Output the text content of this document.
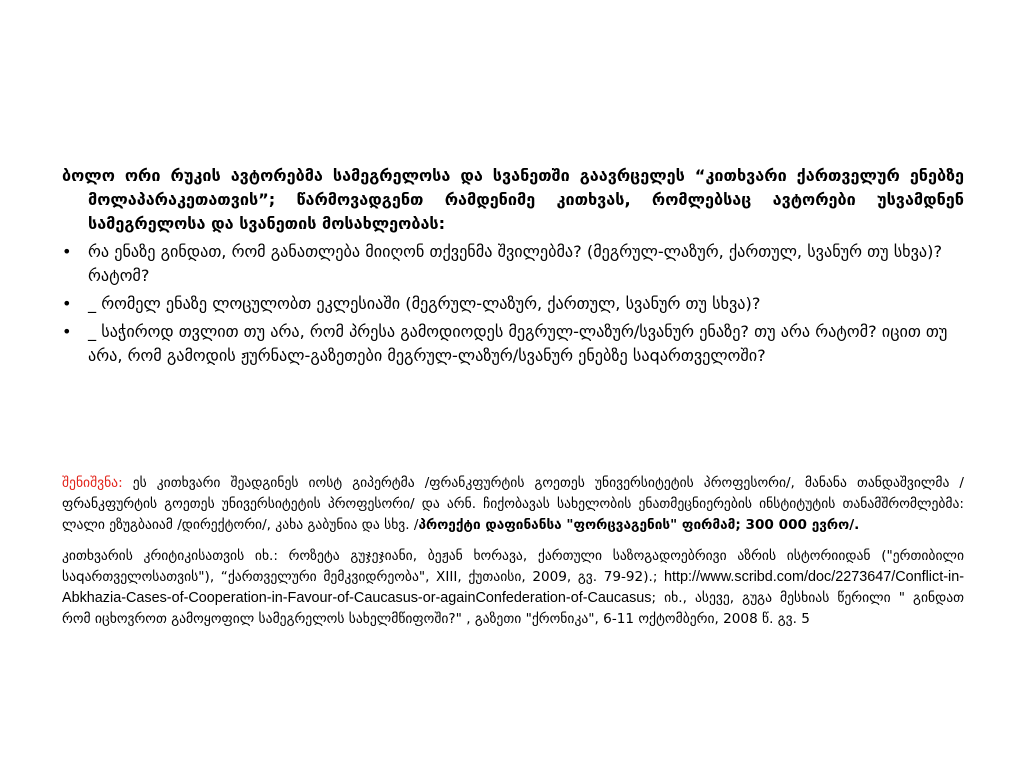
ბოლო ორი რუკის ავტორებმა სამეგრელოსა და სვანეთში გაავრცელეს “კითხვარი ქართველურ ენებზე მოლაპარაკეთათვის”; წარმოვადგენთ რამდენიმე კითხვას, რომლებსაც ავტორები უსვამდნენ სამეგრელოსა და სვანეთის მოსახლეობას:

• რა ენაზე გინდათ, რომ განათლება მიიღონ თქვენმა შვილებმა? (მეგრულ-ლაზურ, ქართულ, სვანურ თუ სხვა)? რატომ?
• _ რომელ ენაზე ლოცულობთ ეკლესიაში (მეგრულ-ლაზურ, ქართულ, სვანურ თუ სხვა)?
• _ საჭიროდ თვლით თუ არა, რომ პრესა გამოდიოდეს მეგრულ-ლაზურ/სვანურ ენაზე? თუ არა რატომ? იცით თუ არა, რომ გამოდის ჟურნალ-გაზეთები მეგრულ-ლაზურ/სვანურ ენებზე საqართველოში?

შენიშვნა: ეს კითხვარი შეადგინეს იოსტ გიპერტმა /ფრანკფურტის გოეთეს უნივერსიტეტის პროფესორი/, მანანა თანდაშვილმა /ფრანკფურტის გოეთეს უნივერსიტეტის პროფესორი/ და არნ. ჩიქობავას სახელობის ენათმეცნიერების ინსტიტუტის თანამშრომლებმა: ლალი ეზუგბაიამ /დირექტორი/, კახა გაბუნია და სხვ. /პროექტი დაფინანსა "ფორცვაგენის" ფირმამ; 300 000 ევრო/.

კითხვარის კრიტიკისათვის იხ.: როზეტა გუჯეჯიანი, ბეჟან ხორავა, ქართული საზოგადოებრივი აზრის ისტორიიდან ("ერთიბილი საqართველოსათვის"), “ქართველური მემკვიდრეობა", XIII, ქუთაისი, 2009, გვ. 79-92).; http://www.scribd.com/doc/2273647/Conflict-in-Abkhazia-Cases-of-Cooperation-in-Favour-of-Caucasus-or-againConfederation-of-Caucasus; იხ., ასევე, გუგა მესხიას წერილი " გინდათ რომ იცხოვროთ გამოყოფილ სამეგრელოს სახელმწიფოში?" , გაზეთი "ქრონიკა", 6-11 ოქტომბერი, 2008 წ. გვ. 5
